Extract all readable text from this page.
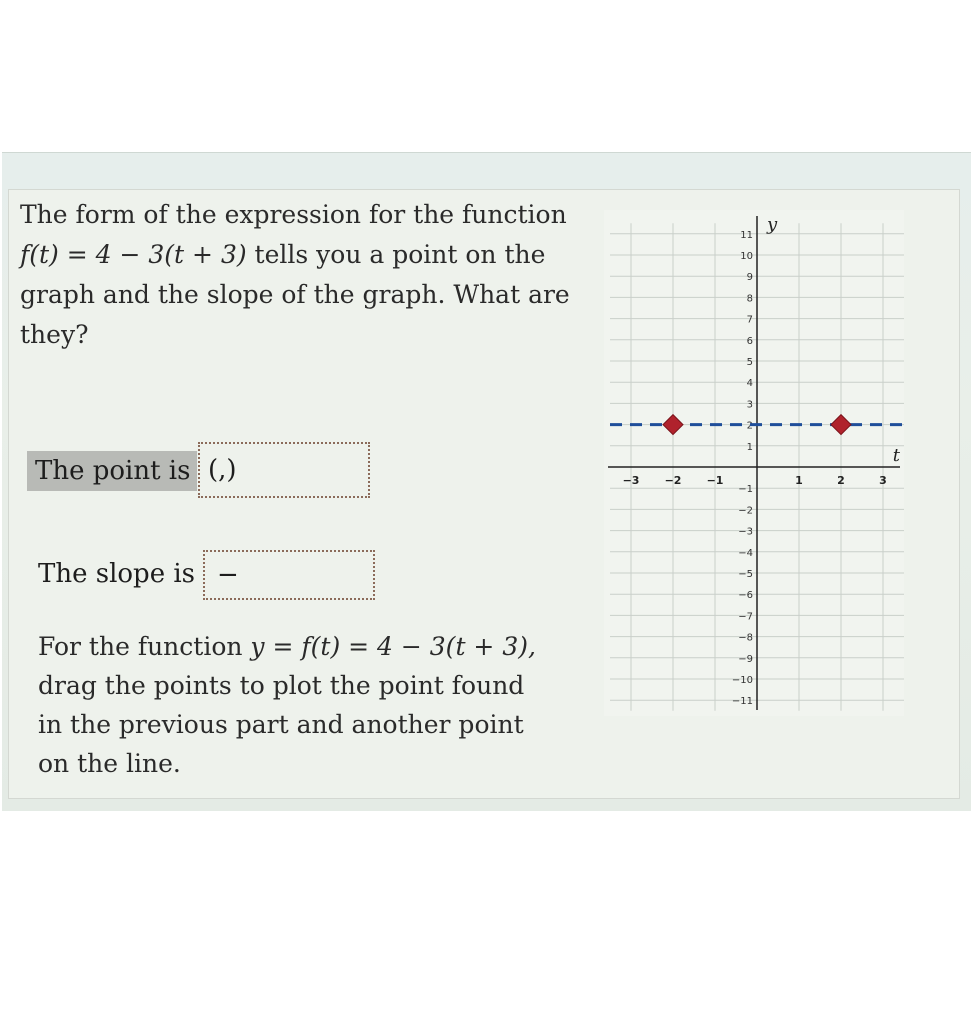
The form of the expression for the function
f(t) = 4 − 3(t + 3) tells you a point on the
graph and the slope of the graph. What are
they?
The point is (,)
The slope is −
For the function y = f(t) = 4 − 3(t + 3),
drag the points to plot the point found
in the previous part and another point
on the line.
t
y
−3 −2 −1	1	2	3
11
10
9
8
7
6
5
4
3
2
1
−1
−2
−3
−4
−5
−6
−7
−8
−9
−10
−11
